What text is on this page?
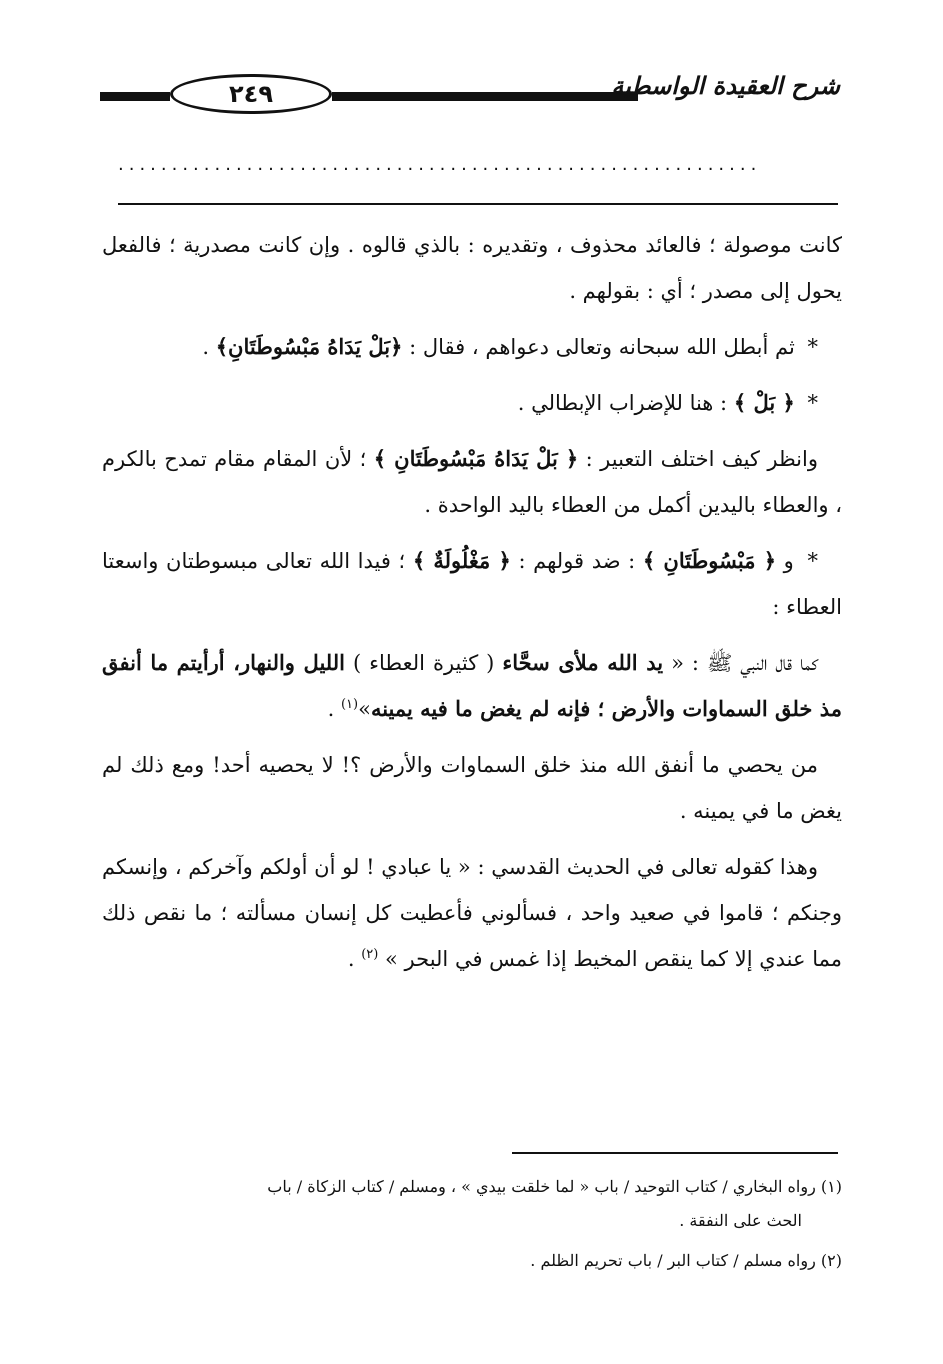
٢٤٩	شرح العقيدة الواسطية
............................................................

كانت موصولة ؛ فالعائد محذوف ، وتقديره : بالذي قالوه . وإن كانت مصدرية ؛ فالفعل يحول إلى مصدر ؛ أي : بقولهم .

* ثم أبطل الله سبحانه وتعالى دعواهم ، فقال : ﴿بَلْ يَدَاهُ مَبْسُوطَتَانِ﴾ .

* ﴿ بَلْ ﴾ : هنا للإضراب الإبطالي .

وانظر كيف اختلف التعبير : ﴿ بَلْ يَدَاهُ مَبْسُوطَتَانِ ﴾ ؛ لأن المقام مقام تمدح بالكرم ، والعطاء باليدين أكمل من العطاء باليد الواحدة .

* و ﴿ مَبْسُوطَتَانِ ﴾ : ضد قولهم : ﴿ مَغْلُولَةٌ ﴾ ؛ فيدا الله تعالى مبسوطتان واسعتا العطاء :

كما قال النبي ﷺ : « يد الله ملأى سحَّاء ( كثيرة العطاء ) الليل والنهار، أرأيتم ما أنفق مذ خلق السماوات والأرض ؛ فإنه لم يغض ما فيه يمينه»$^{(١)}$ .

من يحصي ما أنفق الله منذ خلق السماوات والأرض ؟! لا يحصيه أحد! ومع ذلك لم يغض ما في يمينه .

وهذا كقوله تعالى في الحديث القدسي : « يا عبادي ! لو أن أولكم وآخركم ، وإنسكم وجنكم ؛ قاموا في صعيد واحد ، فسألوني فأعطيت كل إنسان مسألته ؛ ما نقص ذلك مما عندي إلا كما ينقص المخيط إذا غمس في البحر » $^{(٢)}$ .

(١) رواه البخاري / كتاب التوحيد / باب « لما خلقت بيدي » ، ومسلم / كتاب الزكاة / باب
الحث على النفقة .

(٢) رواه مسلم / كتاب البر / باب تحريم الظلم .
